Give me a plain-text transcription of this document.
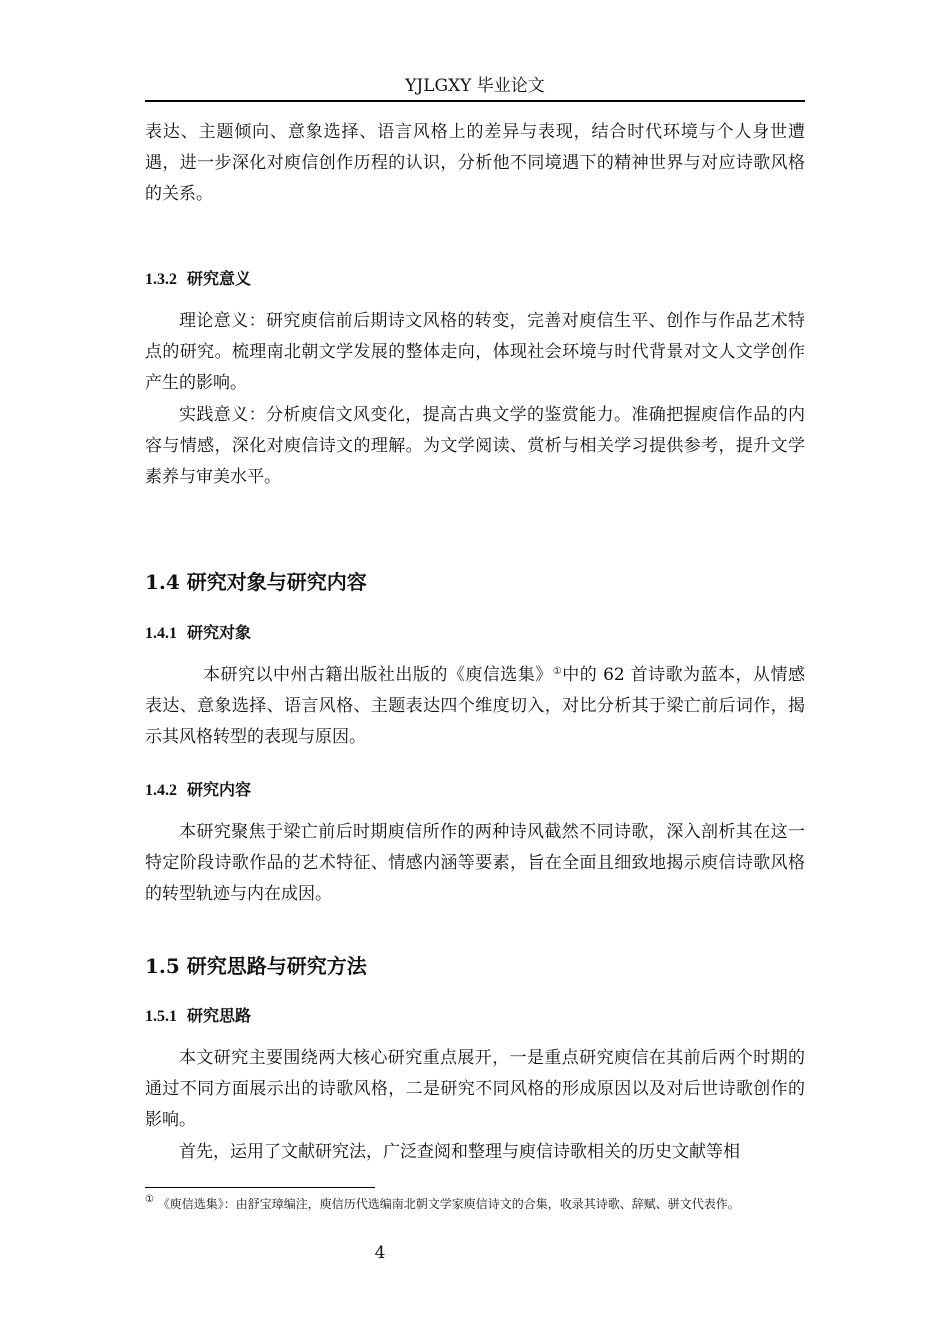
YJLGXY 毕业论文

表达、主题倾向、意象选择、语言风格上的差异与表现，结合时代环境与个人身世遭遇，进一步深化对庾信创作历程的认识，分析他不同境遇下的精神世界与对应诗歌风格的关系。

1.3.2 研究意义

理论意义：研究庾信前后期诗文风格的转变，完善对庾信生平、创作与作品艺术特点的研究。梳理南北朝文学发展的整体走向，体现社会环境与时代背景对文人文学创作产生的影响。

实践意义：分析庾信文风变化，提高古典文学的鉴赏能力。准确把握庾信作品的内容与情感，深化对庾信诗文的理解。为文学阅读、赏析与相关学习提供参考，提升文学素养与审美水平。

1.4 研究对象与研究内容
1.4.1 研究对象

本研究以中州古籍出版社出版的《庾信选集》①中的 62 首诗歌为蓝本，从情感表达、意象选择、语言风格、主题表达四个维度切入，对比分析其于梁亡前后词作，揭示其风格转型的表现与原因。

1.4.2 研究内容

本研究聚焦于梁亡前后时期庾信所作的两种诗风截然不同诗歌，深入剖析其在这一特定阶段诗歌作品的艺术特征、情感内涵等要素，旨在全面且细致地揭示庾信诗歌风格的转型轨迹与内在成因。

1.5 研究思路与研究方法
1.5.1 研究思路

本文研究主要围绕两大核心研究重点展开，一是重点研究庾信在其前后两个时期的通过不同方面展示出的诗歌风格，二是研究不同风格的形成原因以及对后世诗歌创作的影响。

首先，运用了文献研究法，广泛查阅和整理与庾信诗歌相关的历史文献等相

① 《庾信选集》：由舒宝璋编注，庾信历代选编南北朝文学家庾信诗文的合集，收录其诗歌、辞赋、骈文代表作。

4
